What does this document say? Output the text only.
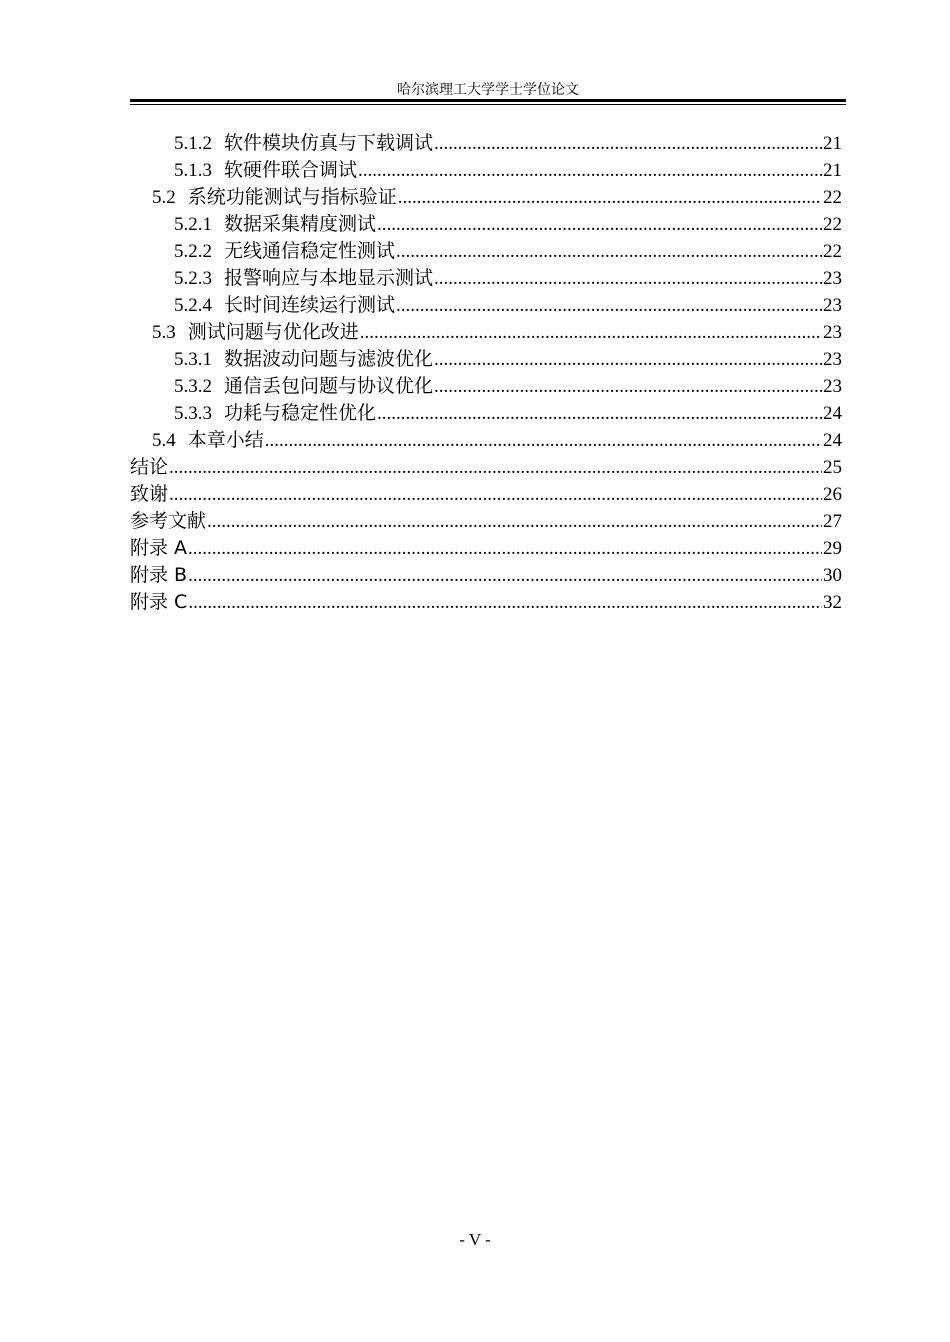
哈尔滨理工大学学士学位论文
5.1.2 软件模块仿真与下载调试 .....	21
5.1.3 软硬件联合调试 .....	21
5.2 系统功能测试与指标验证 .....	22
5.2.1 数据采集精度测试 .....	22
5.2.2 无线通信稳定性测试 .....	22
5.2.3 报警响应与本地显示测试 .....	23
5.2.4 长时间连续运行测试 .....	23
5.3 测试问题与优化改进 .....	23
5.3.1 数据波动问题与滤波优化 .....	23
5.3.2 通信丢包问题与协议优化 .....	23
5.3.3 功耗与稳定性优化 .....	24
5.4 本章小结 .....	24
结论 .....	25
致谢 .....	26
参考文献 .....	27
附录 A .....	29
附录 B .....	30
附录 C .....	32
- V -
